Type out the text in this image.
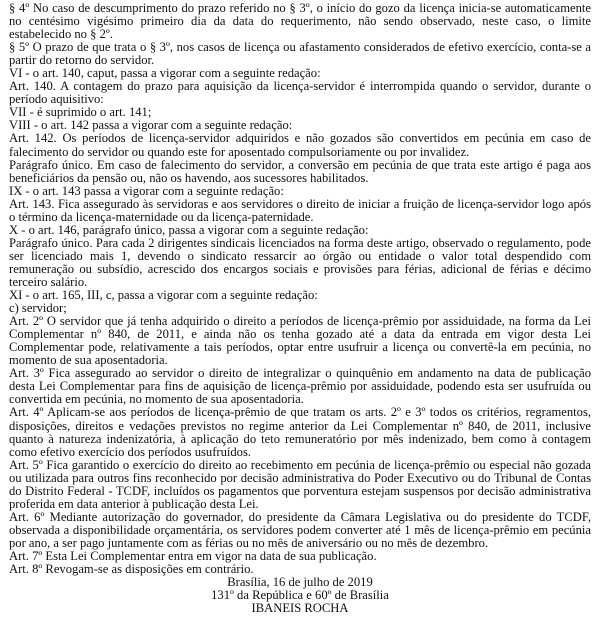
§ 4º No caso de descumprimento do prazo referido no § 3º, o início do gozo da licença inicia-se automaticamente no centésimo vigésimo primeiro dia da data do requerimento, não sendo observado, neste caso, o limite estabelecido no § 2º.

§ 5º O prazo de que trata o § 3º, nos casos de licença ou afastamento considerados de efetivo exercício, conta-se a partir do retorno do servidor.

VI - o art. 140, caput, passa a vigorar com a seguinte redação:

Art. 140. A contagem do prazo para aquisição da licença-servidor é interrompida quando o servidor, durante o período aquisitivo:

VII - é suprimido o art. 141;

VIII - o art. 142 passa a vigorar com a seguinte redação:

Art. 142. Os períodos de licença-servidor adquiridos e não gozados são convertidos em pecúnia em caso de falecimento do servidor ou quando este for aposentado compulsoriamente ou por invalidez.

Parágrafo único. Em caso de falecimento do servidor, a conversão em pecúnia de que trata este artigo é paga aos beneficiários da pensão ou, não os havendo, aos sucessores habilitados.

IX - o art. 143 passa a vigorar com a seguinte redação:

Art. 143. Fica assegurado às servidoras e aos servidores o direito de iniciar a fruição de licença-servidor logo após o término da licença-maternidade ou da licença-paternidade.

X - o art. 146, parágrafo único, passa a vigorar com a seguinte redação:

Parágrafo único. Para cada 2 dirigentes sindicais licenciados na forma deste artigo, observado o regulamento, pode ser licenciado mais 1, devendo o sindicato ressarcir ao órgão ou entidade o valor total despendido com remuneração ou subsídio, acrescido dos encargos sociais e provisões para férias, adicional de férias e décimo terceiro salário.

XI - o art. 165, III, c, passa a vigorar com a seguinte redação:

c) servidor;

Art. 2º O servidor que já tenha adquirido o direito a períodos de licença-prêmio por assiduidade, na forma da Lei Complementar nº 840, de 2011, e ainda não os tenha gozado até a data da entrada em vigor desta Lei Complementar pode, relativamente a tais períodos, optar entre usufruir a licença ou convertê-la em pecúnia, no momento de sua aposentadoria.

Art. 3º Fica assegurado ao servidor o direito de integralizar o quinquênio em andamento na data de publicação desta Lei Complementar para fins de aquisição de licença-prêmio por assiduidade, podendo esta ser usufruída ou convertida em pecúnia, no momento de sua aposentadoria.

Art. 4º Aplicam-se aos períodos de licença-prêmio de que tratam os arts. 2º e 3º todos os critérios, regramentos, disposições, direitos e vedações previstos no regime anterior da Lei Complementar nº 840, de 2011, inclusive quanto à natureza indenizatória, à aplicação do teto remuneratório por mês indenizado, bem como à contagem como efetivo exercício dos períodos usufruídos.

Art. 5º Fica garantido o exercício do direito ao recebimento em pecúnia de licença-prêmio ou especial não gozada ou utilizada para outros fins reconhecido por decisão administrativa do Poder Executivo ou do Tribunal de Contas do Distrito Federal - TCDF, incluídos os pagamentos que porventura estejam suspensos por decisão administrativa proferida em data anterior à publicação desta Lei.

Art. 6º Mediante autorização do governador, do presidente da Câmara Legislativa ou do presidente do TCDF, observada a disponibilidade orçamentária, os servidores podem converter até 1 mês de licença-prêmio em pecúnia por ano, a ser pago juntamente com as férias ou no mês de aniversário ou no mês de dezembro.

Art. 7º Esta Lei Complementar entra em vigor na data de sua publicação.

Art. 8º Revogam-se as disposições em contrário.

Brasília, 16 de julho de 2019

131º da República e 60º de Brasília

IBANEIS ROCHA
